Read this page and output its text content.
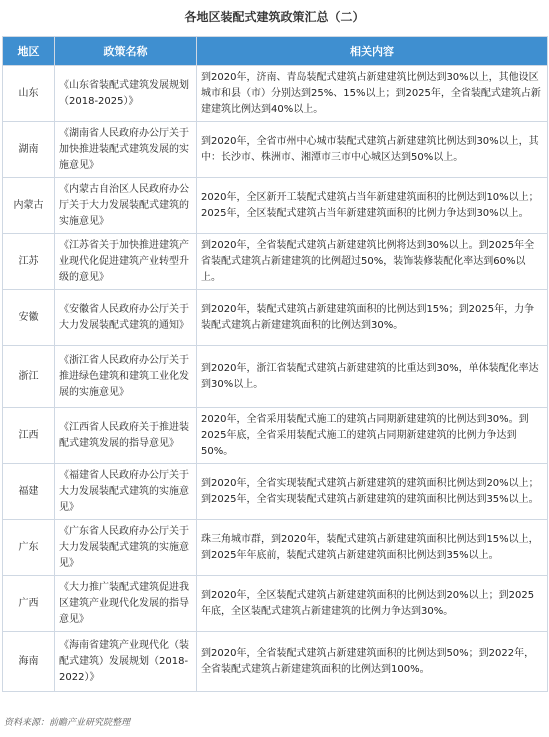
各地区装配式建筑政策汇总（二）
地区	政策名称	相关内容
山东	《山东省装配式建筑发展规划（2018-2025）》	到2020年，济南、青岛装配式建筑占新建建筑比例达到30%以上，其他设区城市和县（市）分别达到25%、15%以上；到2025年，全省装配式建筑占新建建筑比例达到40%以上。
湖南	《湖南省人民政府办公厅关于加快推进装配式建筑发展的实施意见》	到2020年，全省市州中心城市装配式建筑占新建建筑比例达到30%以上，其中：长沙市、株洲市、湘潭市三市中心城区达到50%以上。
内蒙古	《内蒙古自治区人民政府办公厅关于大力发展装配式建筑的实施意见》	2020年，全区新开工装配式建筑占当年新建建筑面积的比例达到10%以上；2025年，全区装配式建筑占当年新建建筑面积的比例力争达到30%以上。
江苏	《江苏省关于加快推进建筑产业现代化促进建筑产业转型升级的意见》	到2020年，全省装配式建筑占新建建筑比例将达到30%以上。到2025年全省装配式建筑占新建建筑的比例超过50%，装饰装修装配化率达到60%以上。
安徽	《安徽省人民政府办公厅关于大力发展装配式建筑的通知》	到2020年，装配式建筑占新建建筑面积的比例达到15%；到2025年，力争装配式建筑占新建建筑面积的比例达到30%。
浙江	《浙江省人民政府办公厅关于推进绿色建筑和建筑工业化发展的实施意见》	到2020年，浙江省装配式建筑占新建建筑的比重达到30%，单体装配化率达到30%以上。
江西	《江西省人民政府关于推进装配式建筑发展的指导意见》	2020年，全省采用装配式施工的建筑占同期新建建筑的比例达到30%。到2025年底，全省采用装配式施工的建筑占同期新建建筑的比例力争达到50%。
福建	《福建省人民政府办公厅关于大力发展装配式建筑的实施意见》	到2020年，全省实现装配式建筑占新建建筑的建筑面积比例达到20%以上；到2025年，全省实现装配式建筑占新建建筑的建筑面积比例达到35%以上。
广东	《广东省人民政府办公厅关于大力发展装配式建筑的实施意见》	珠三角城市群，到2020年，装配式建筑占新建建筑面积比例达到15%以上，到2025年年底前，装配式建筑占新建建筑面积比例达到35%以上。
广西	《大力推广装配式建筑促进我区建筑产业现代化发展的指导意见》	到2020年，全区装配式建筑占新建建筑面积的比例达到20%以上；到2025年底，全区装配式建筑占新建建筑的比例力争达到30%。
海南	《海南省建筑产业现代化（装配式建筑）发展规划（2018-2022）》	到2020年，全省装配式建筑占新建建筑面积的比例达到50%；到2022年，全省装配式建筑占新建建筑面积的比例达到100%。
资料来源：前瞻产业研究院整理
